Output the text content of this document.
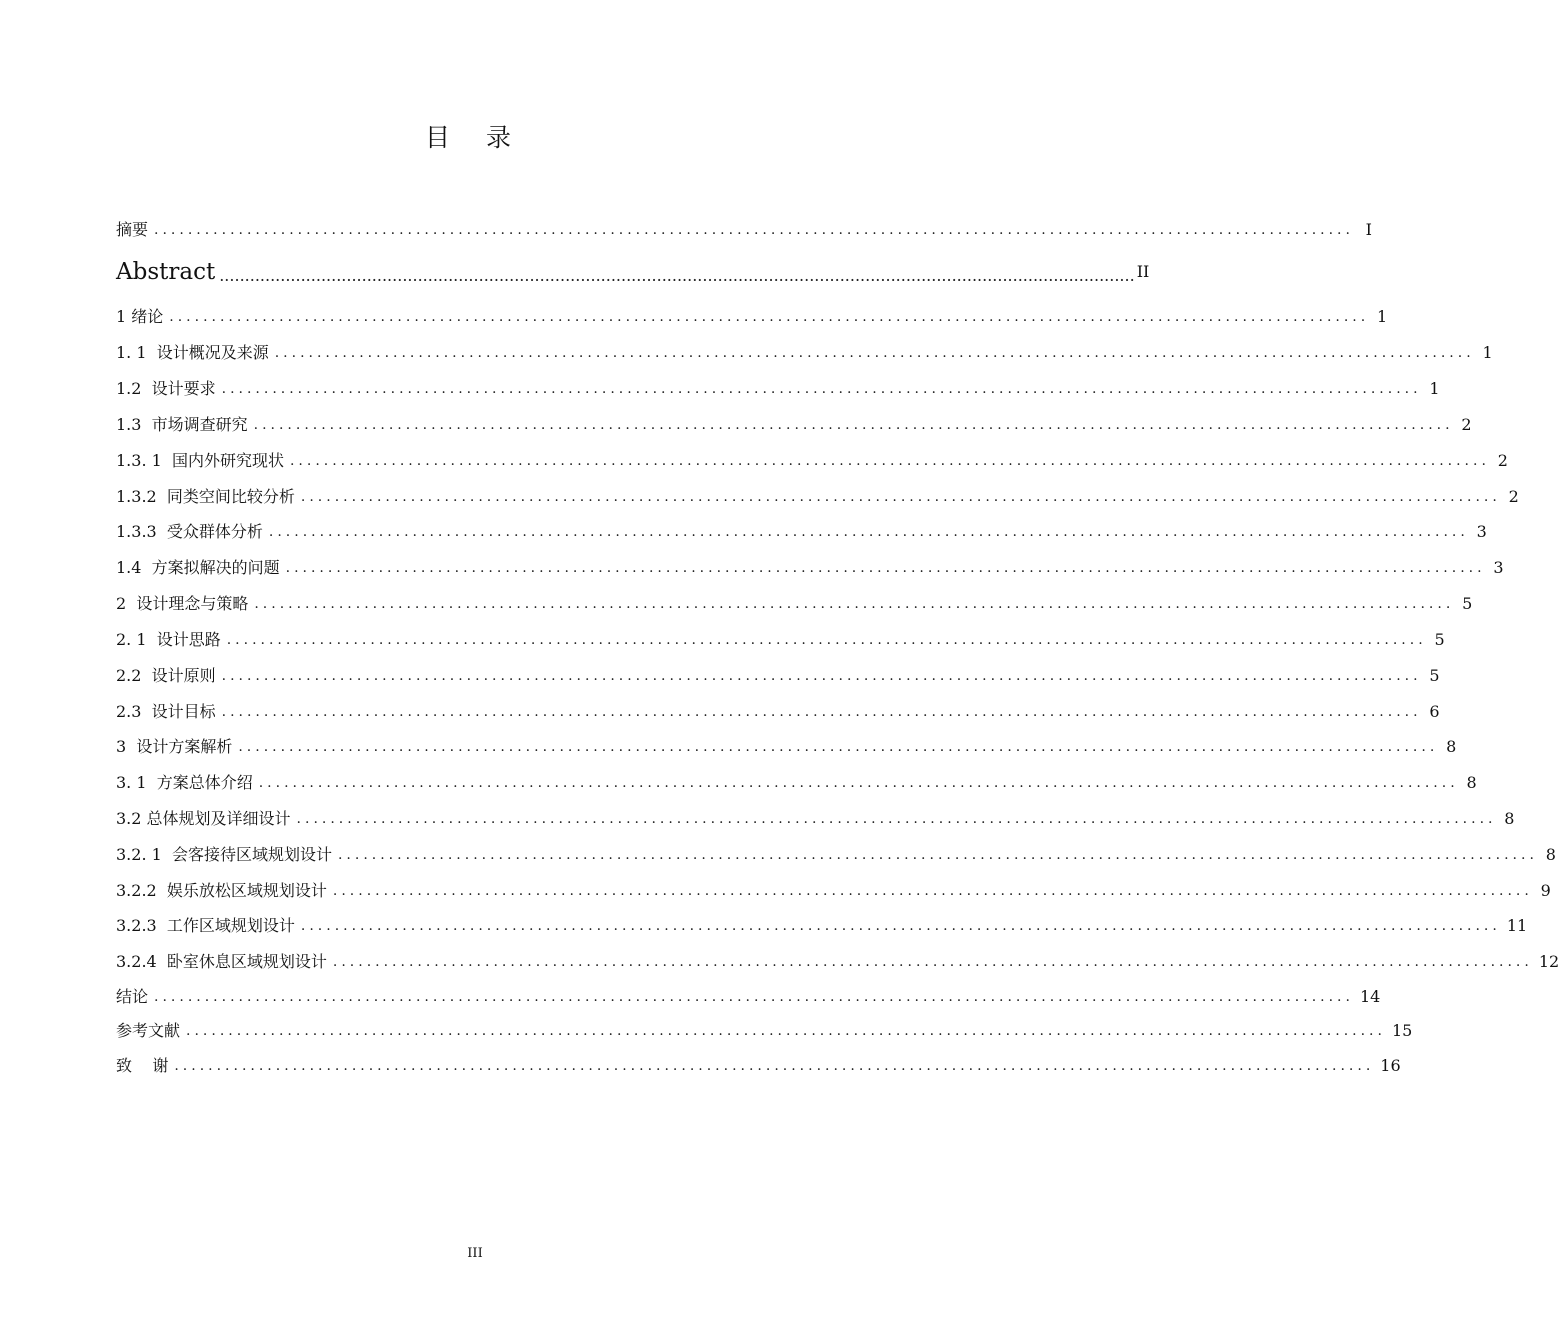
目 录
摘要 .............................................................................................................................................. I
Abstract .................................................................................................................................................................................... II
1 绪论 .............................................................................................................................................. 1
1. 1  设计概况及来源 .............................................................................................................................................. 1
1.2  设计要求 .............................................................................................................................................. 1
1.3  市场调查研究 .............................................................................................................................................. 2
1.3. 1  国内外研究现状 .............................................................................................................................................. 2
1.3.2  同类空间比较分析 .............................................................................................................................................. 2
1.3.3  受众群体分析 .............................................................................................................................................. 3
1.4  方案拟解决的问题 .............................................................................................................................................. 3
2  设计理念与策略 .............................................................................................................................................. 5
2. 1  设计思路 .............................................................................................................................................. 5
2.2  设计原则 .............................................................................................................................................. 5
2.3  设计目标 .............................................................................................................................................. 6
3  设计方案解析 .............................................................................................................................................. 8
3. 1  方案总体介绍 .............................................................................................................................................. 8
3.2 总体规划及详细设计 .............................................................................................................................................. 8
3.2. 1  会客接待区域规划设计 .............................................................................................................................................. 8
3.2.2  娱乐放松区域规划设计 .............................................................................................................................................. 9
3.2.3  工作区域规划设计 .............................................................................................................................................. 11
3.2.4  卧室休息区域规划设计 .............................................................................................................................................. 12
结论 .............................................................................................................................................. 14
参考文献 .............................................................................................................................................. 15
致    谢 .............................................................................................................................................. 16
III
